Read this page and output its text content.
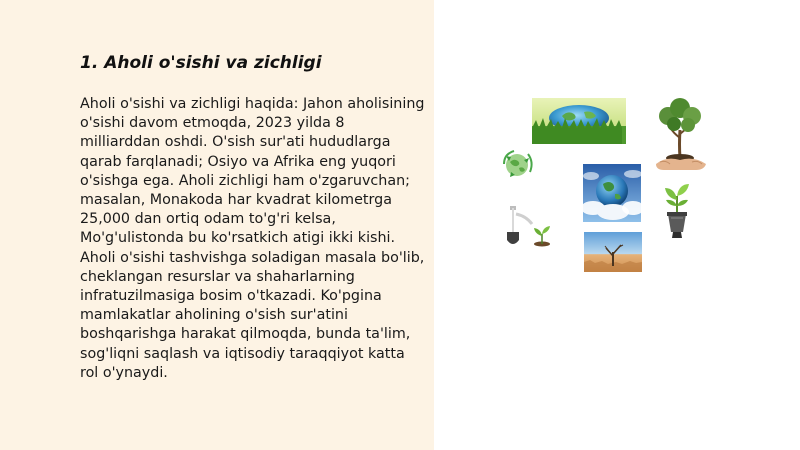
1. Aholi o'sishi va zichligi

Aholi o'sishi va zichligi haqida: Jahon aholisining o'sishi davom etmoqda, 2023 yilda 8 milliarddan oshdi. O'sish sur'ati hududlarga qarab farqlanadi; Osiyo va Afrika eng yuqori o'sishga ega. Aholi zichligi ham o'zgaruvchan; masalan, Monakoda har kvadrat kilometrga 25,000 dan ortiq odam to'g'ri kelsa, Mo'g'ulistonda bu ko'rsatkich atigi ikki kishi. Aholi o'sishi tashvishga soladigan masala bo'lib, cheklangan resurslar va shaharlarning infratuzilmasiga bosim o'tkazadi. Ko'pgina mamlakatlar aholining o'sish sur'atini boshqarishga harakat qilmoqda, bunda ta'lim, sog'liqni saqlash va iqtisodiy taraqqiyot katta rol o'ynaydi.
